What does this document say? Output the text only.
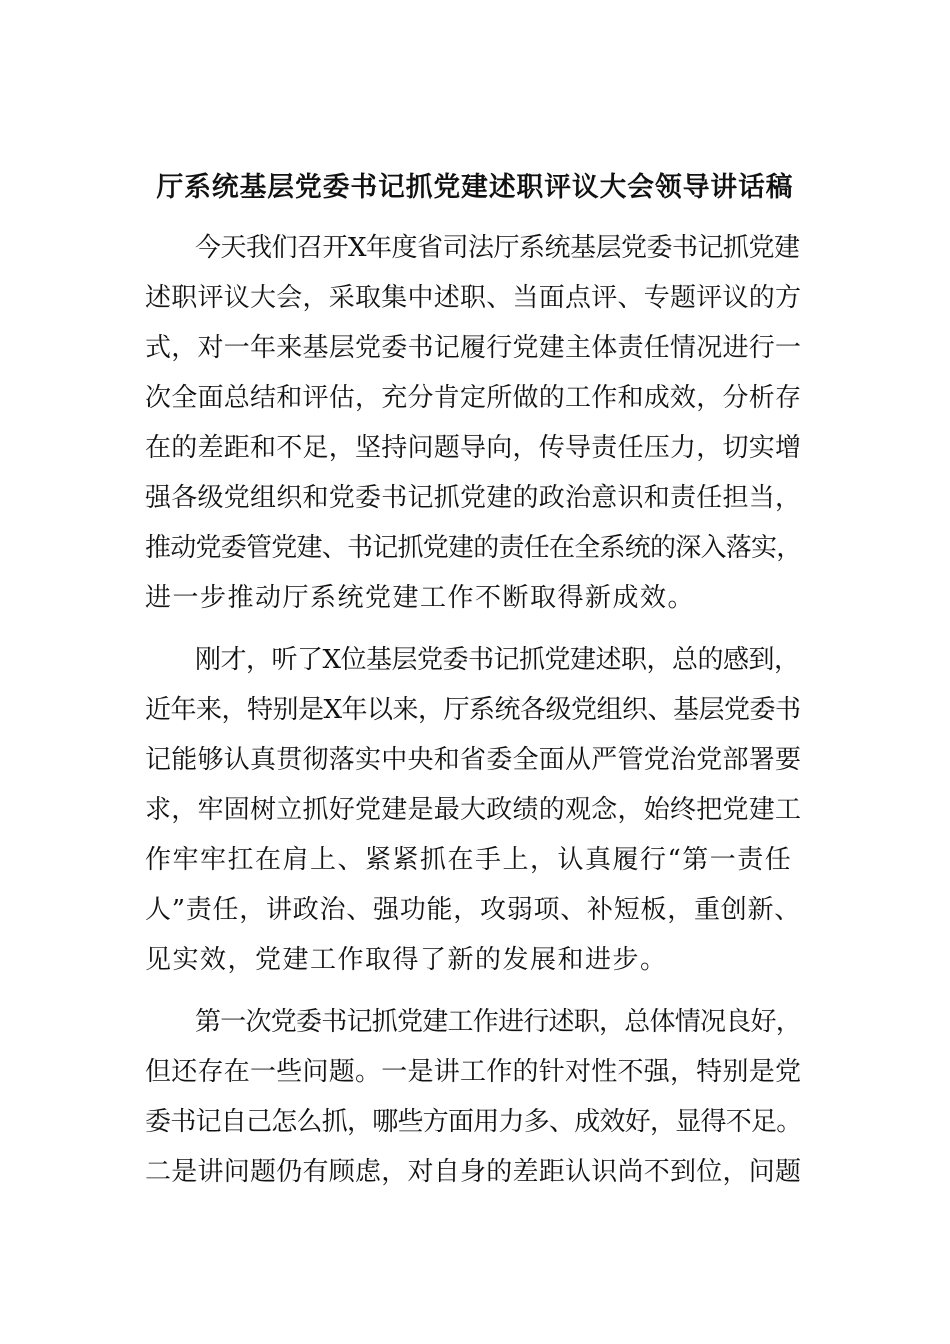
厅系统基层党委书记抓党建述职评议大会领导讲话稿
今天我们召开X年度省司法厅系统基层党委书记抓党建
述职评议大会，采取集中述职、当面点评、专题评议的方
式，对一年来基层党委书记履行党建主体责任情况进行一
次全面总结和评估，充分肯定所做的工作和成效，分析存
在的差距和不足，坚持问题导向，传导责任压力，切实增
强各级党组织和党委书记抓党建的政治意识和责任担当，
推动党委管党建、书记抓党建的责任在全系统的深入落实，
进一步推动厅系统党建工作不断取得新成效。
刚才，听了X位基层党委书记抓党建述职，总的感到，
近年来，特别是X年以来，厅系统各级党组织、基层党委书
记能够认真贯彻落实中央和省委全面从严管党治党部署要
求，牢固树立抓好党建是最大政绩的观念，始终把党建工
作牢牢扛在肩上、紧紧抓在手上，认真履行“第一责任
人”责任，讲政治、强功能，攻弱项、补短板，重创新、
见实效，党建工作取得了新的发展和进步。
第一次党委书记抓党建工作进行述职，总体情况良好，
但还存在一些问题。一是讲工作的针对性不强，特别是党
委书记自己怎么抓，哪些方面用力多、成效好，显得不足。
二是讲问题仍有顾虑，对自身的差距认识尚不到位，问题
